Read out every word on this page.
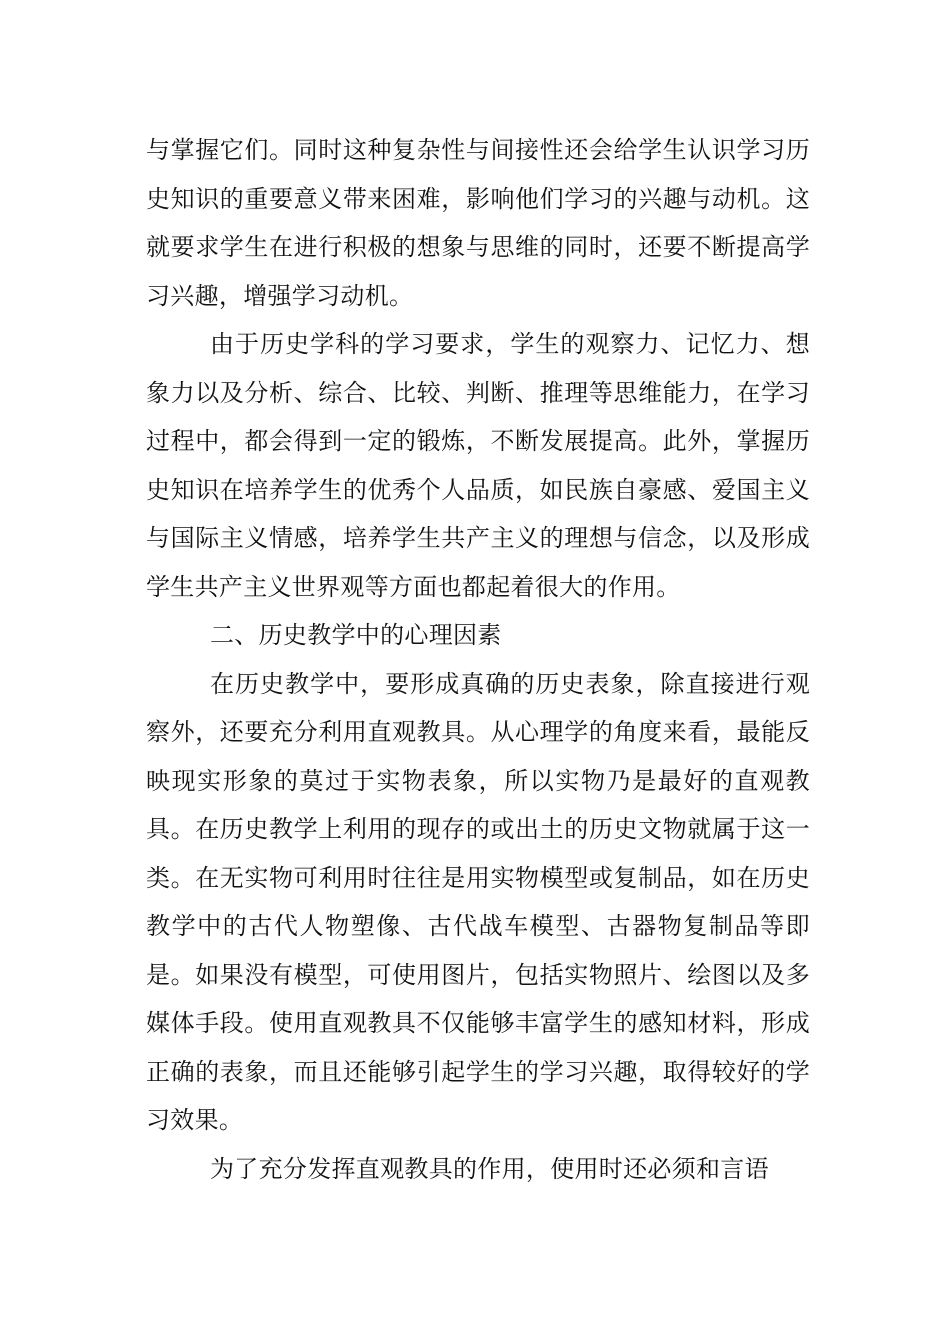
与掌握它们。同时这种复杂性与间接性还会给学生认识学习历史知识的重要意义带来困难，影响他们学习的兴趣与动机。这就要求学生在进行积极的想象与思维的同时，还要不断提高学习兴趣，增强学习动机。

由于历史学科的学习要求，学生的观察力、记忆力、想象力以及分析、综合、比较、判断、推理等思维能力，在学习过程中，都会得到一定的锻炼，不断发展提高。此外，掌握历史知识在培养学生的优秀个人品质，如民族自豪感、爱国主义与国际主义情感，培养学生共产主义的理想与信念，以及形成学生共产主义世界观等方面也都起着很大的作用。

二、历史教学中的心理因素

在历史教学中，要形成真确的历史表象，除直接进行观察外，还要充分利用直观教具。从心理学的角度来看，最能反映现实形象的莫过于实物表象，所以实物乃是最好的直观教具。在历史教学上利用的现存的或出土的历史文物就属于这一类。在无实物可利用时往往是用实物模型或复制品，如在历史教学中的古代人物塑像、古代战车模型、古器物复制品等即是。如果没有模型，可使用图片，包括实物照片、绘图以及多媒体手段。使用直观教具不仅能够丰富学生的感知材料，形成正确的表象，而且还能够引起学生的学习兴趣，取得较好的学习效果。

为了充分发挥直观教具的作用，使用时还必须和言语
